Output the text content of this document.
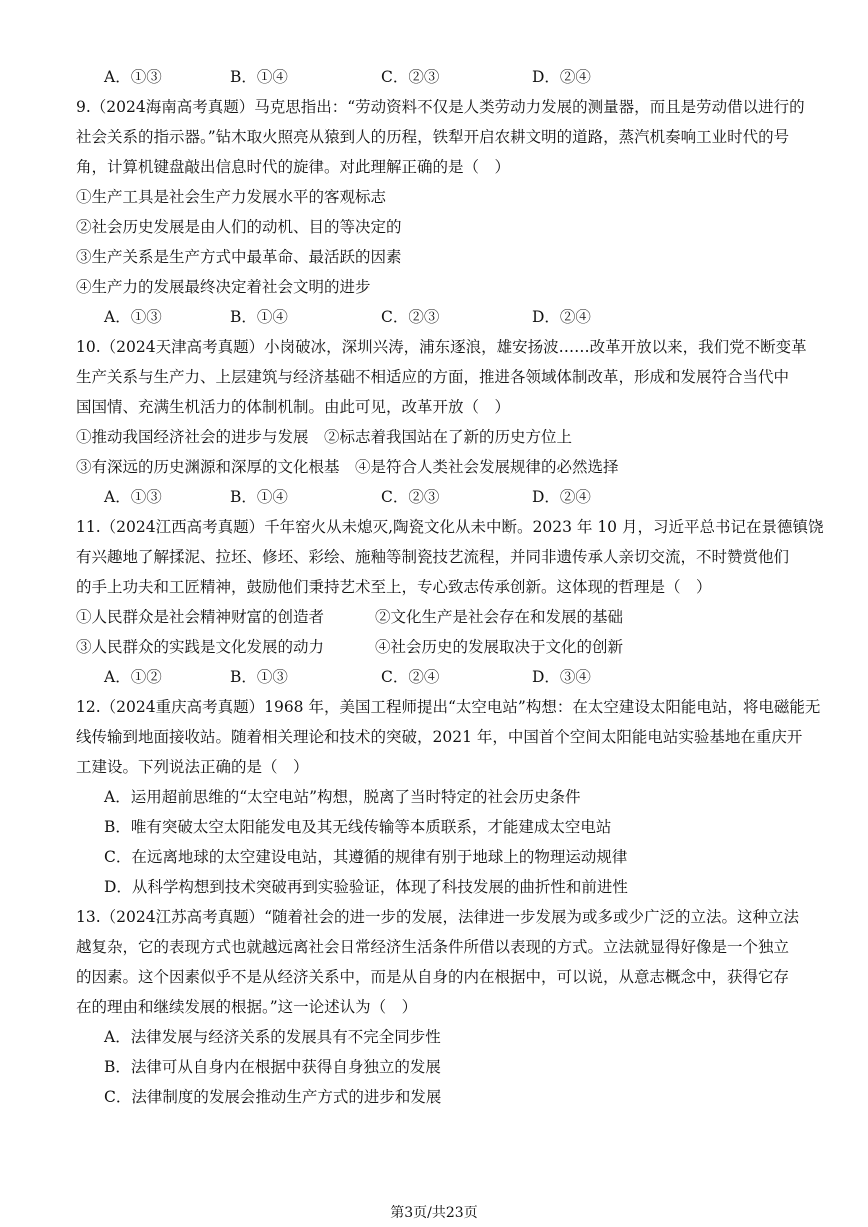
A．①③	B．①④	C．②③	D．②④
9.（2024海南高考真题）马克思指出：“劳动资料不仅是人类劳动力发展的测量器，而且是劳动借以进行的
社会关系的指示器。”钻木取火照亮从猿到人的历程，铁犁开启农耕文明的道路，蒸汽机奏响工业时代的号
角，计算机键盘敲出信息时代的旋律。对此理解正确的是（　）
①生产工具是社会生产力发展水平的客观标志
②社会历史发展是由人们的动机、目的等决定的
③生产关系是生产方式中最革命、最活跃的因素
④生产力的发展最终决定着社会文明的进步
A．①③	B．①④	C．②③	D．②④
10.（2024天津高考真题）小岗破冰，深圳兴涛，浦东逐浪，雄安扬波……改革开放以来，我们党不断变革
生产关系与生产力、上层建筑与经济基础不相适应的方面，推进各领域体制改革，形成和发展符合当代中
国国情、充满生机活力的体制机制。由此可见，改革开放（　）
①推动我国经济社会的进步与发展　②标志着我国站在了新的历史方位上
③有深远的历史渊源和深厚的文化根基　④是符合人类社会发展规律的必然选择
A．①③	B．①④	C．②③	D．②④
11.（2024江西高考真题）千年窑火从未熄灭,陶瓷文化从未中断。2023 年 10 月，习近平总书记在景德镇饶
有兴趣地了解揉泥、拉坯、修坯、彩绘、施釉等制瓷技艺流程，并同非遗传承人亲切交流，不时赞赏他们
的手上功夫和工匠精神，鼓励他们秉持艺术至上，专心致志传承创新。这体现的哲理是（　）
①人民群众是社会精神财富的创造者	②文化生产是社会存在和发展的基础
③人民群众的实践是文化发展的动力	④社会历史的发展取决于文化的创新
A．①②	B．①③	C．②④	D．③④
12.（2024重庆高考真题）1968 年，美国工程师提出“太空电站”构想：在太空建设太阳能电站，将电磁能无
线传输到地面接收站。随着相关理论和技术的突破，2021 年，中国首个空间太阳能电站实验基地在重庆开
工建设。下列说法正确的是（　）
A．运用超前思维的“太空电站”构想，脱离了当时特定的社会历史条件
B．唯有突破太空太阳能发电及其无线传输等本质联系，才能建成太空电站
C．在远离地球的太空建设电站，其遵循的规律有别于地球上的物理运动规律
D．从科学构想到技术突破再到实验验证，体现了科技发展的曲折性和前进性
13.（2024江苏高考真题）“随着社会的进一步的发展，法律进一步发展为或多或少广泛的立法。这种立法
越复杂，它的表现方式也就越远离社会日常经济生活条件所借以表现的方式。立法就显得好像是一个独立
的因素。这个因素似乎不是从经济关系中，而是从自身的内在根据中，可以说，从意志概念中，获得它存
在的理由和继续发展的根据。”这一论述认为（　）
A．法律发展与经济关系的发展具有不完全同步性
B．法律可从自身内在根据中获得自身独立的发展
C．法律制度的发展会推动生产方式的进步和发展
第3页/共23页
